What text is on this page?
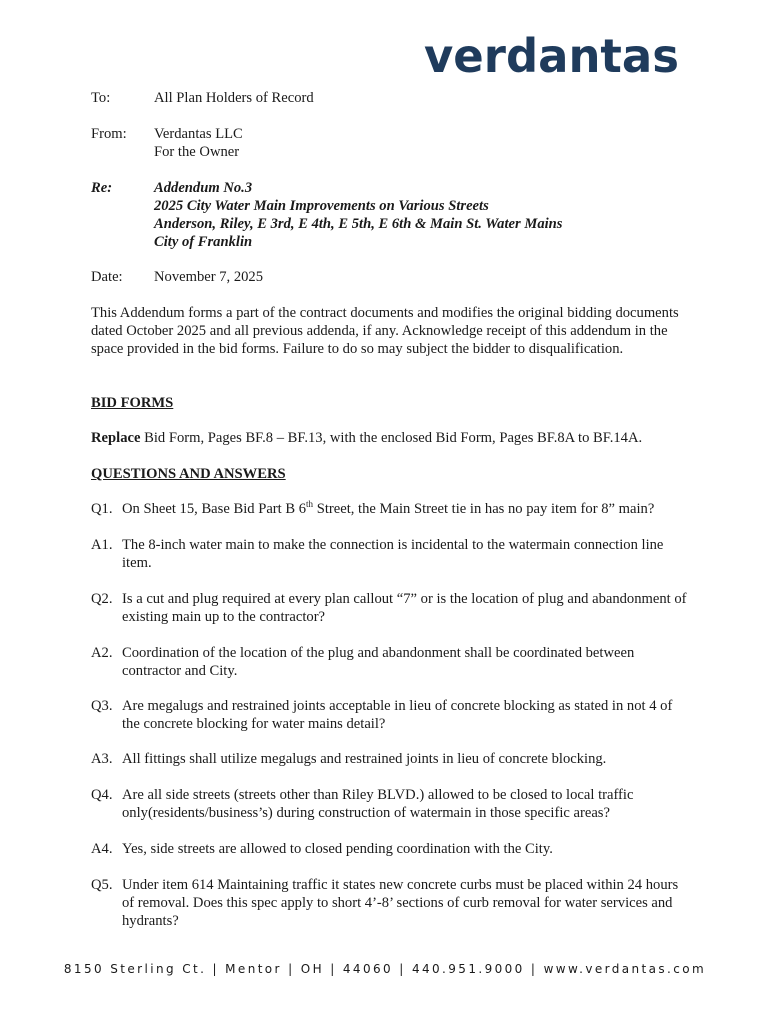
verdantas
To:	All Plan Holders of Record
From: Verdantas LLC
For the Owner
Re:	Addendum No.3
2025 City Water Main Improvements on Various Streets
Anderson, Riley, E 3rd, E 4th, E 5th, E 6th & Main St. Water Mains
City of Franklin
Date: November 7, 2025
This Addendum forms a part of the contract documents and modifies the original bidding documents dated October 2025 and all previous addenda, if any. Acknowledge receipt of this addendum in the space provided in the bid forms. Failure to do so may subject the bidder to disqualification.
BID FORMS
Replace Bid Form, Pages BF.8 – BF.13, with the enclosed Bid Form, Pages BF.8A to BF.14A.
QUESTIONS AND ANSWERS
Q1. On Sheet 15, Base Bid Part B 6th Street, the Main Street tie in has no pay item for 8” main?
A1. The 8-inch water main to make the connection is incidental to the watermain connection line item.
Q2. Is a cut and plug required at every plan callout “7” or is the location of plug and abandonment of existing main up to the contractor?
A2. Coordination of the location of the plug and abandonment shall be coordinated between contractor and City.
Q3. Are megalugs and restrained joints acceptable in lieu of concrete blocking as stated in not 4 of the concrete blocking for water mains detail?
A3. All fittings shall utilize megalugs and restrained joints in lieu of concrete blocking.
Q4. Are all side streets (streets other than Riley BLVD.) allowed to be closed to local traffic only(residents/business’s) during construction of watermain in those specific areas?
A4. Yes, side streets are allowed to closed pending coordination with the City.
Q5. Under item 614 Maintaining traffic it states new concrete curbs must be placed within 24 hours of removal. Does this spec apply to short 4’-8’ sections of curb removal for water services and hydrants?
8150 Sterling Ct. | Mentor | OH | 44060 | 440.951.9000 | www.verdantas.com
